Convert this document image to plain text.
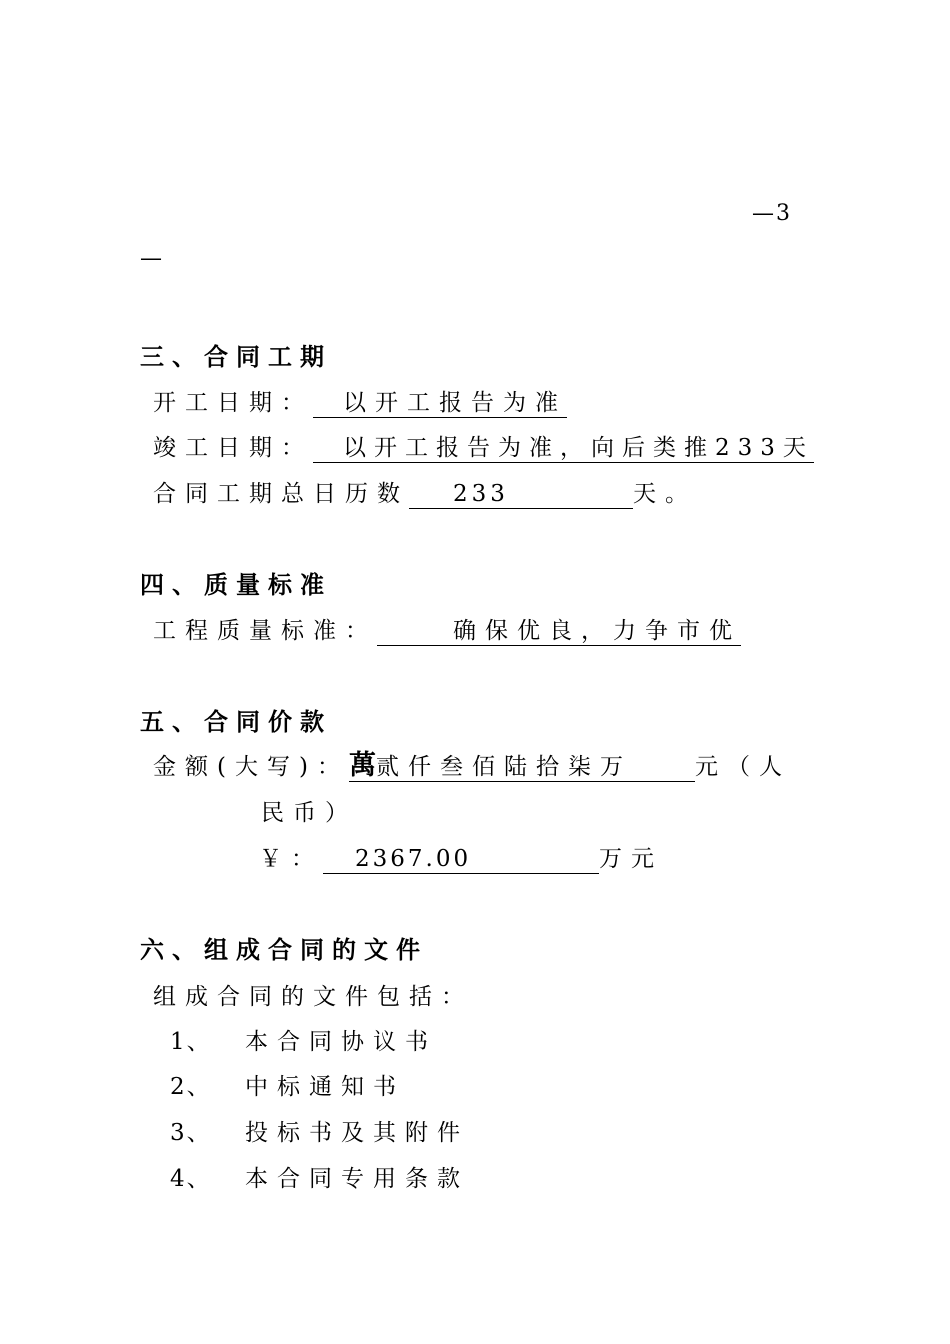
—3
—
三、合同工期
开工日期： 以开工报告为准
竣工日期： 以开工报告为准，向后类推233天
合同工期总日历数 233	天。
四、质量标准
工程质量标准：	确保优良，力争市优
五、合同价款
金额(大写)：萬贰仟叁佰陆拾柒万	元（人
民币）
￥： 2367.00	万元
六、组成合同的文件
组成合同的文件包括：
1、 本合同协议书
2、 中标通知书
3、 投标书及其附件
4、 本合同专用条款
